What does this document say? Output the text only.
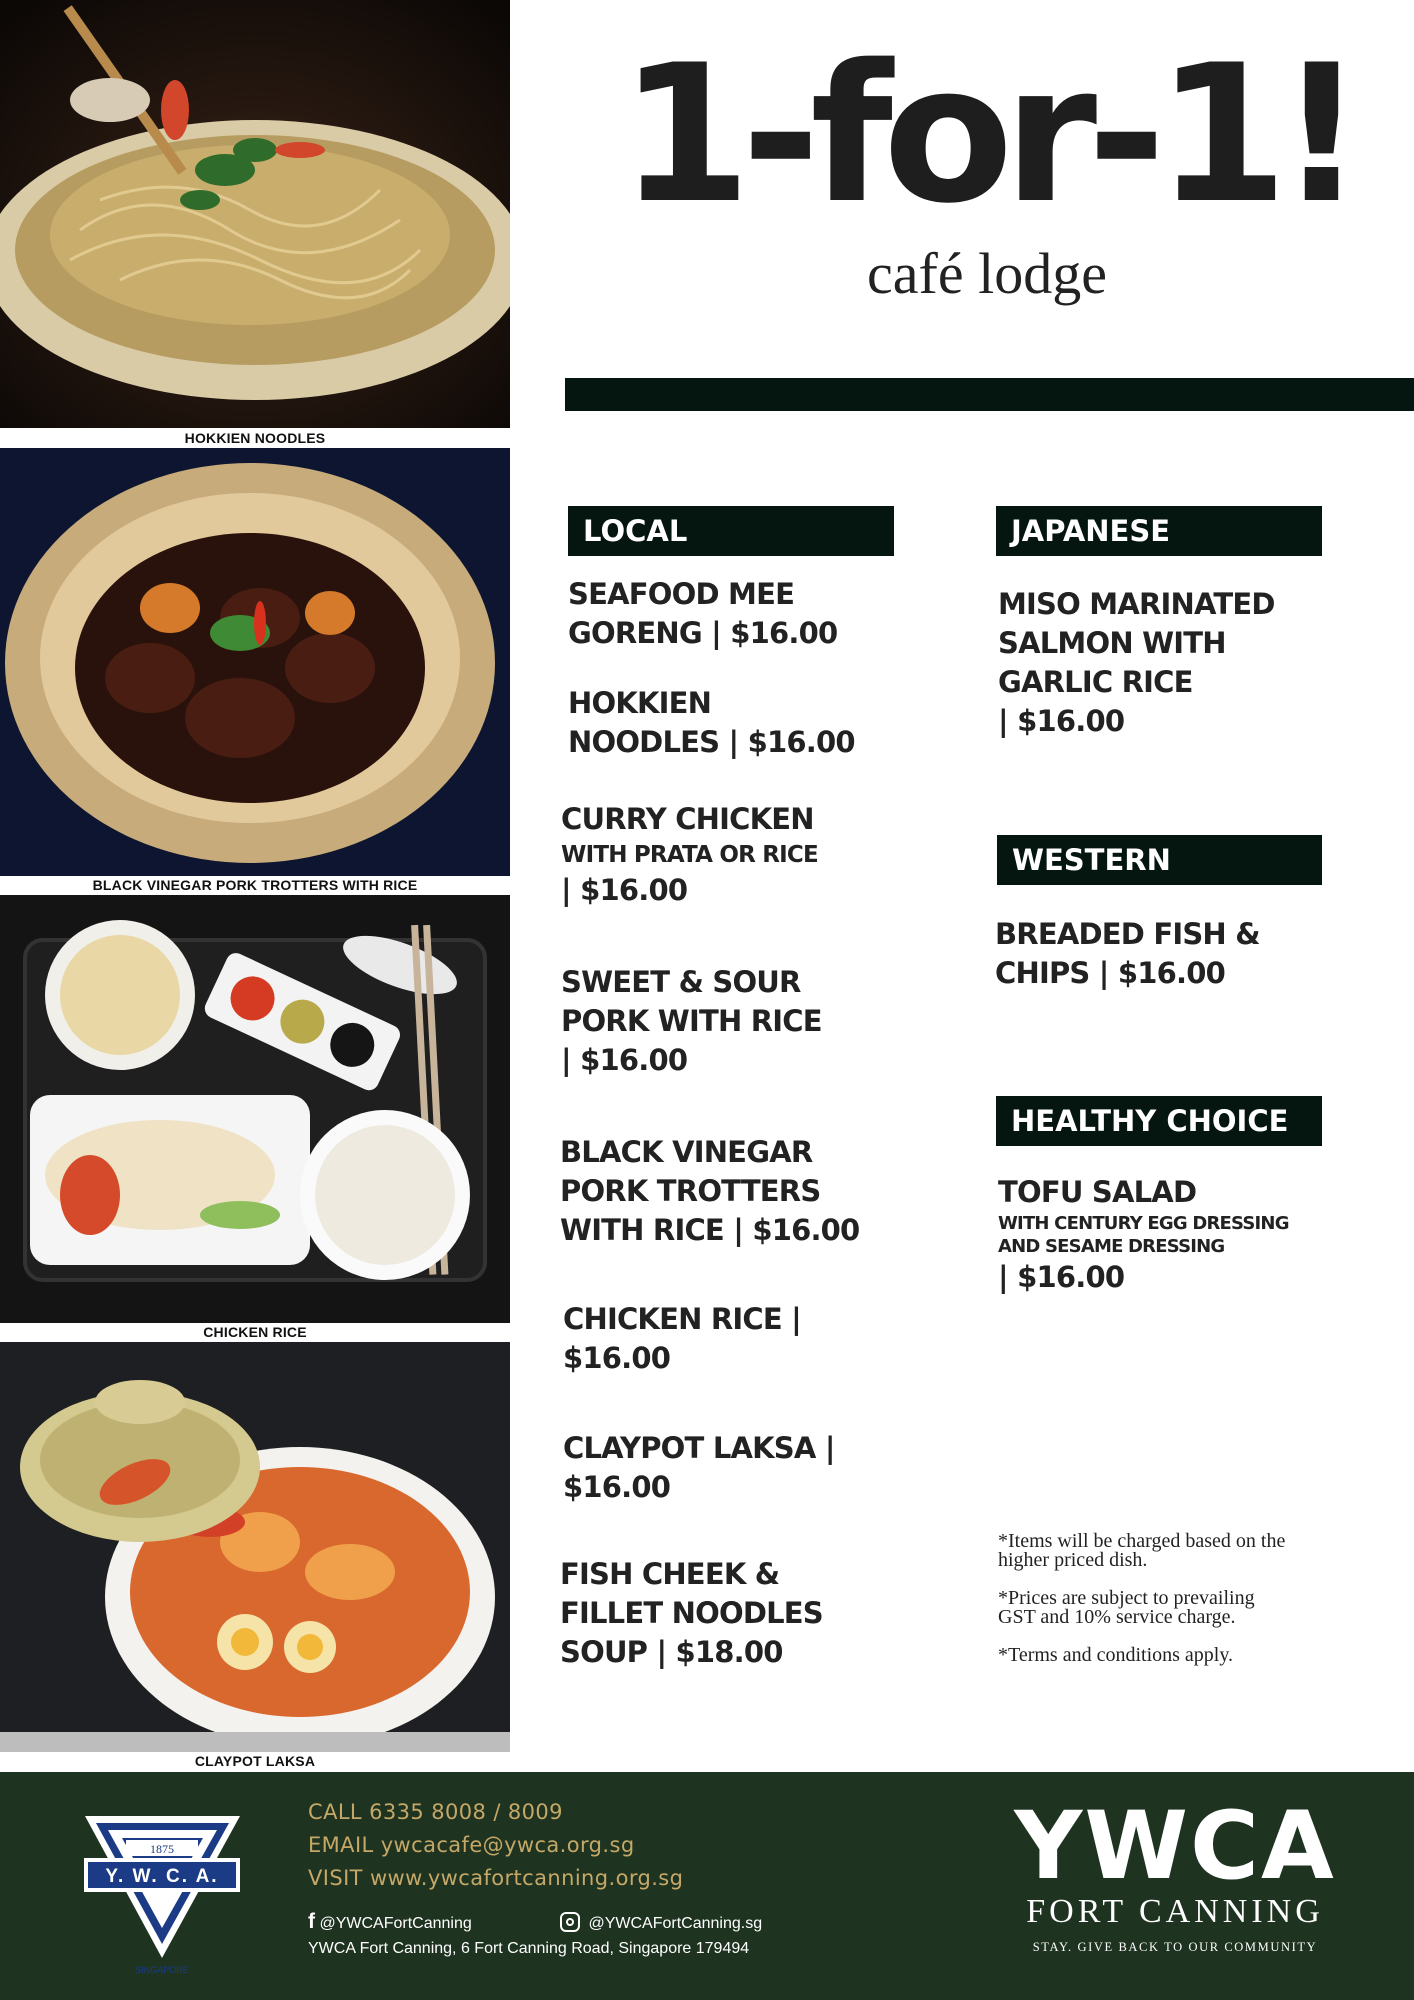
HOKKIEN NOODLES
BLACK VINEGAR PORK TROTTERS WITH RICE
CHICKEN RICE
CLAYPOT LAKSA
1-for-1!
café lodge
LOCAL
SEAFOOD MEE
GORENG | $16.00
HOKKIEN
NOODLES | $16.00
CURRY CHICKEN
WITH PRATA OR RICE
| $16.00
SWEET & SOUR
PORK WITH RICE
| $16.00
BLACK VINEGAR
PORK TROTTERS
WITH RICE | $16.00
CHICKEN RICE |
$16.00
CLAYPOT LAKSA |
$16.00
FISH CHEEK &
FILLET NOODLES
SOUP | $18.00
JAPANESE
MISO MARINATED
SALMON WITH
GARLIC RICE
| $16.00
WESTERN
BREADED FISH &
CHIPS | $16.00
HEALTHY CHOICE
TOFU SALAD
WITH CENTURY EGG DRESSING
AND SESAME DRESSING
| $16.00
*Items will be charged based on the
higher priced dish.
*Prices are subject to prevailing
GST and 10% service charge.
*Terms and conditions apply.
1875
Y. W. C. A.
SINGAPORE
CALL 6335 8008 / 8009
EMAIL ywcacafe@ywca.org.sg
VISIT www.ywcafortcanning.org.sg
f @YWCAFortCanning	@YWCAFortCanning.sg
YWCA Fort Canning, 6 Fort Canning Road, Singapore 179494
YWCA
FORT CANNING
STAY. GIVE BACK TO OUR COMMUNITY
